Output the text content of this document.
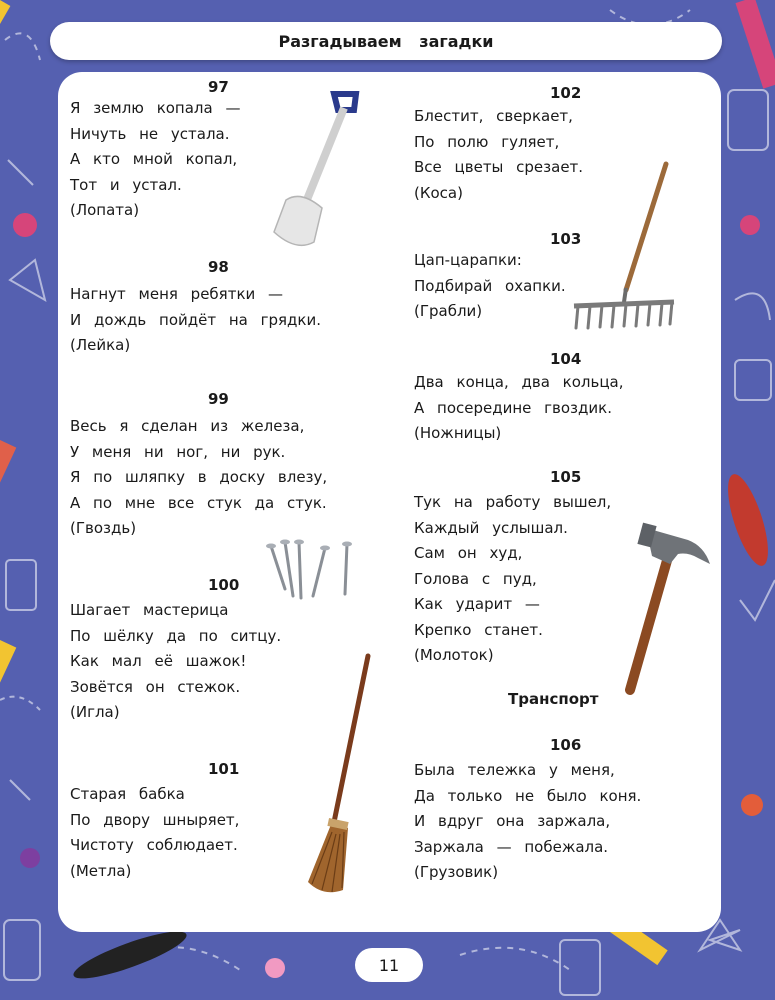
Разгадываем загадки
97
Я землю копала —
Ничуть не устала.
А кто мной копал,
Тот и устал.
(Лопата)
98
Нагнут меня ребятки —
И дождь пойдёт на грядки.
(Лейка)
99
Весь я сделан из железа,
У меня ни ног, ни рук.
Я по шляпку в доску влезу,
А по мне все стук да стук.
(Гвоздь)
100
Шагает мастерица
По шёлку да по ситцу.
Как мал её шажок!
Зовётся он стежок.
(Игла)
101
Старая бабка
По двору шныряет,
Чистоту соблюдает.
(Метла)
102
Блестит, сверкает,
По полю гуляет,
Все цветы срезает.
(Коса)
103
Цап-царапки:
Подбирай охапки.
(Грабли)
104
Два конца, два кольца,
А посередине гвоздик.
(Ножницы)
105
Тук на работу вышел,
Каждый услышал.
Сам он худ,
Голова с пуд,
Как ударит —
Крепко станет.
(Молоток)
Транспорт
106
Была тележка у меня,
Да только не было коня.
И вдруг она заржала,
Заржала — побежала.
(Грузовик)
11
